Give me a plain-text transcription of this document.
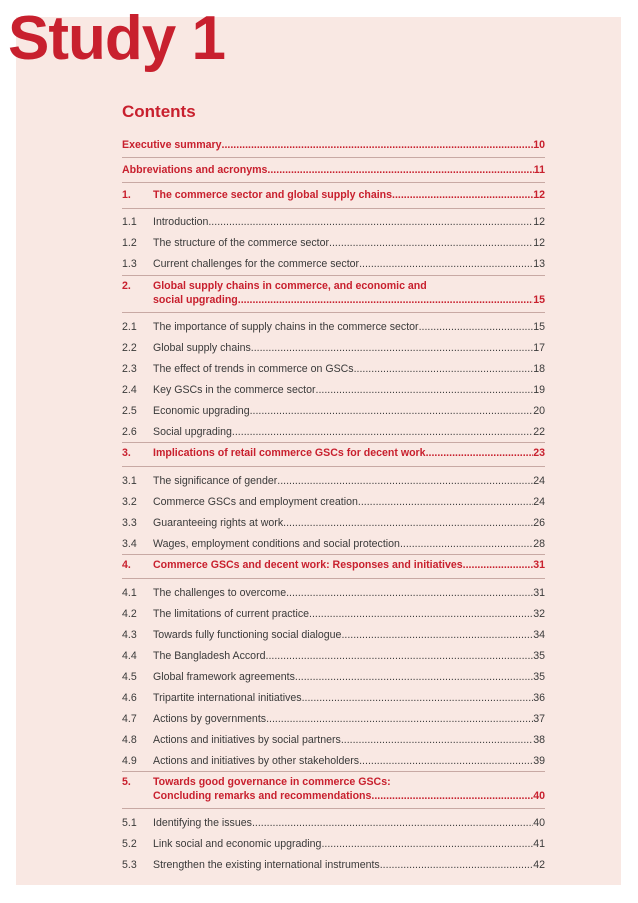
Study 1
Contents
Executive summary .....	10
Abbreviations and acronyms .....	11
1.	The commerce sector and global supply chains .....	12
1.1	Introduction .....	12
1.2	The structure of the commerce sector .....	12
1.3	Current challenges for the commerce sector .....	13
2.	Global supply chains in commerce, and economic and
social upgrading .....	15
2.1	The importance of supply chains in the commerce sector .....	15
2.2	Global supply chains .....	17
2.3	The effect of trends in commerce on GSCs .....	18
2.4	Key GSCs in the commerce sector .....	19
2.5	Economic upgrading .....	20
2.6	Social upgrading .....	22
3.	Implications of retail commerce GSCs for decent work .....	23
3.1	The significance of gender .....	24
3.2	Commerce GSCs and employment creation .....	24
3.3	Guaranteeing rights at work .....	26
3.4	Wages, employment conditions and social protection .....	28
4.	Commerce GSCs and decent work: Responses and initiatives .....	31
4.1	The challenges to overcome .....	31
4.2	The limitations of current practice .....	32
4.3	Towards fully functioning social dialogue .....	34
4.4	The Bangladesh Accord .....	35
4.5	Global framework agreements .....	35
4.6	Tripartite international initiatives .....	36
4.7	Actions by governments .....	37
4.8	Actions and initiatives by social partners .....	38
4.9	Actions and initiatives by other stakeholders .....	39
5.	Towards good governance in commerce GSCs:
Concluding remarks and recommendations .....	40
5.1	Identifying the issues .....	40
5.2	Link social and economic upgrading .....	41
5.3	Strengthen the existing international instruments .....	42
